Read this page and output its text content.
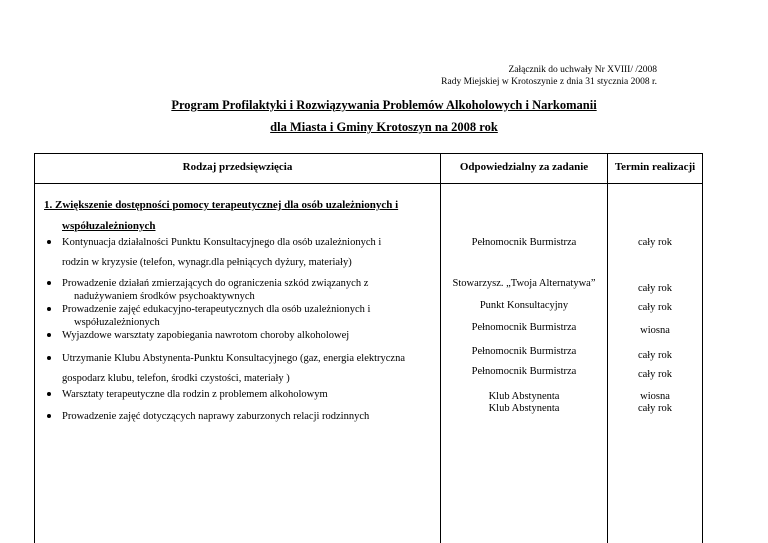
Załącznik do uchwały Nr XVIII/ /2008
Rady Miejskiej w Krotoszynie z dnia 31 stycznia 2008 r.
Program Profilaktyki i Rozwiązywania Problemów Alkoholowych i Narkomanii
dla Miasta i Gminy Krotoszyn na 2008 rok
Rodzaj przedsięwzięcia	Odpowiedzialny za zadanie	Termin realizacji
1. Zwiększenie dostępności pomocy terapeutycznej dla osób uzależnionych i
współuzależnionych
Kontynuacja działalności Punktu Konsultacyjnego dla osób uzależnionych i
rodzin w kryzysie (telefon, wynagr.dla pełniących dyżury, materiały)
Prowadzenie działań zmierzających do ograniczenia szkód związanych z
nadużywaniem środków psychoaktywnych
Prowadzenie zajęć edukacyjno-terapeutycznych dla osób uzależnionych i
współuzależnionych
Wyjazdowe warsztaty zapobiegania nawrotom choroby alkoholowej
Utrzymanie Klubu Abstynenta-Punktu Konsultacyjnego (gaz, energia elektryczna
gospodarz klubu, telefon, środki czystości, materiały )
Warsztaty terapeutyczne dla rodzin z problemem alkoholowym
Prowadzenie zajęć dotyczących naprawy zaburzonych relacji rodzinnych
Pełnomocnik Burmistrza
Stowarzysz. „Twoja Alternatywa”
Punkt Konsultacyjny
Pełnomocnik Burmistrza
Pełnomocnik Burmistrza
Pełnomocnik Burmistrza
Klub Abstynenta
Klub Abstynenta
cały rok
cały rok
cały rok
wiosna
cały rok
cały rok
wiosna
cały rok
